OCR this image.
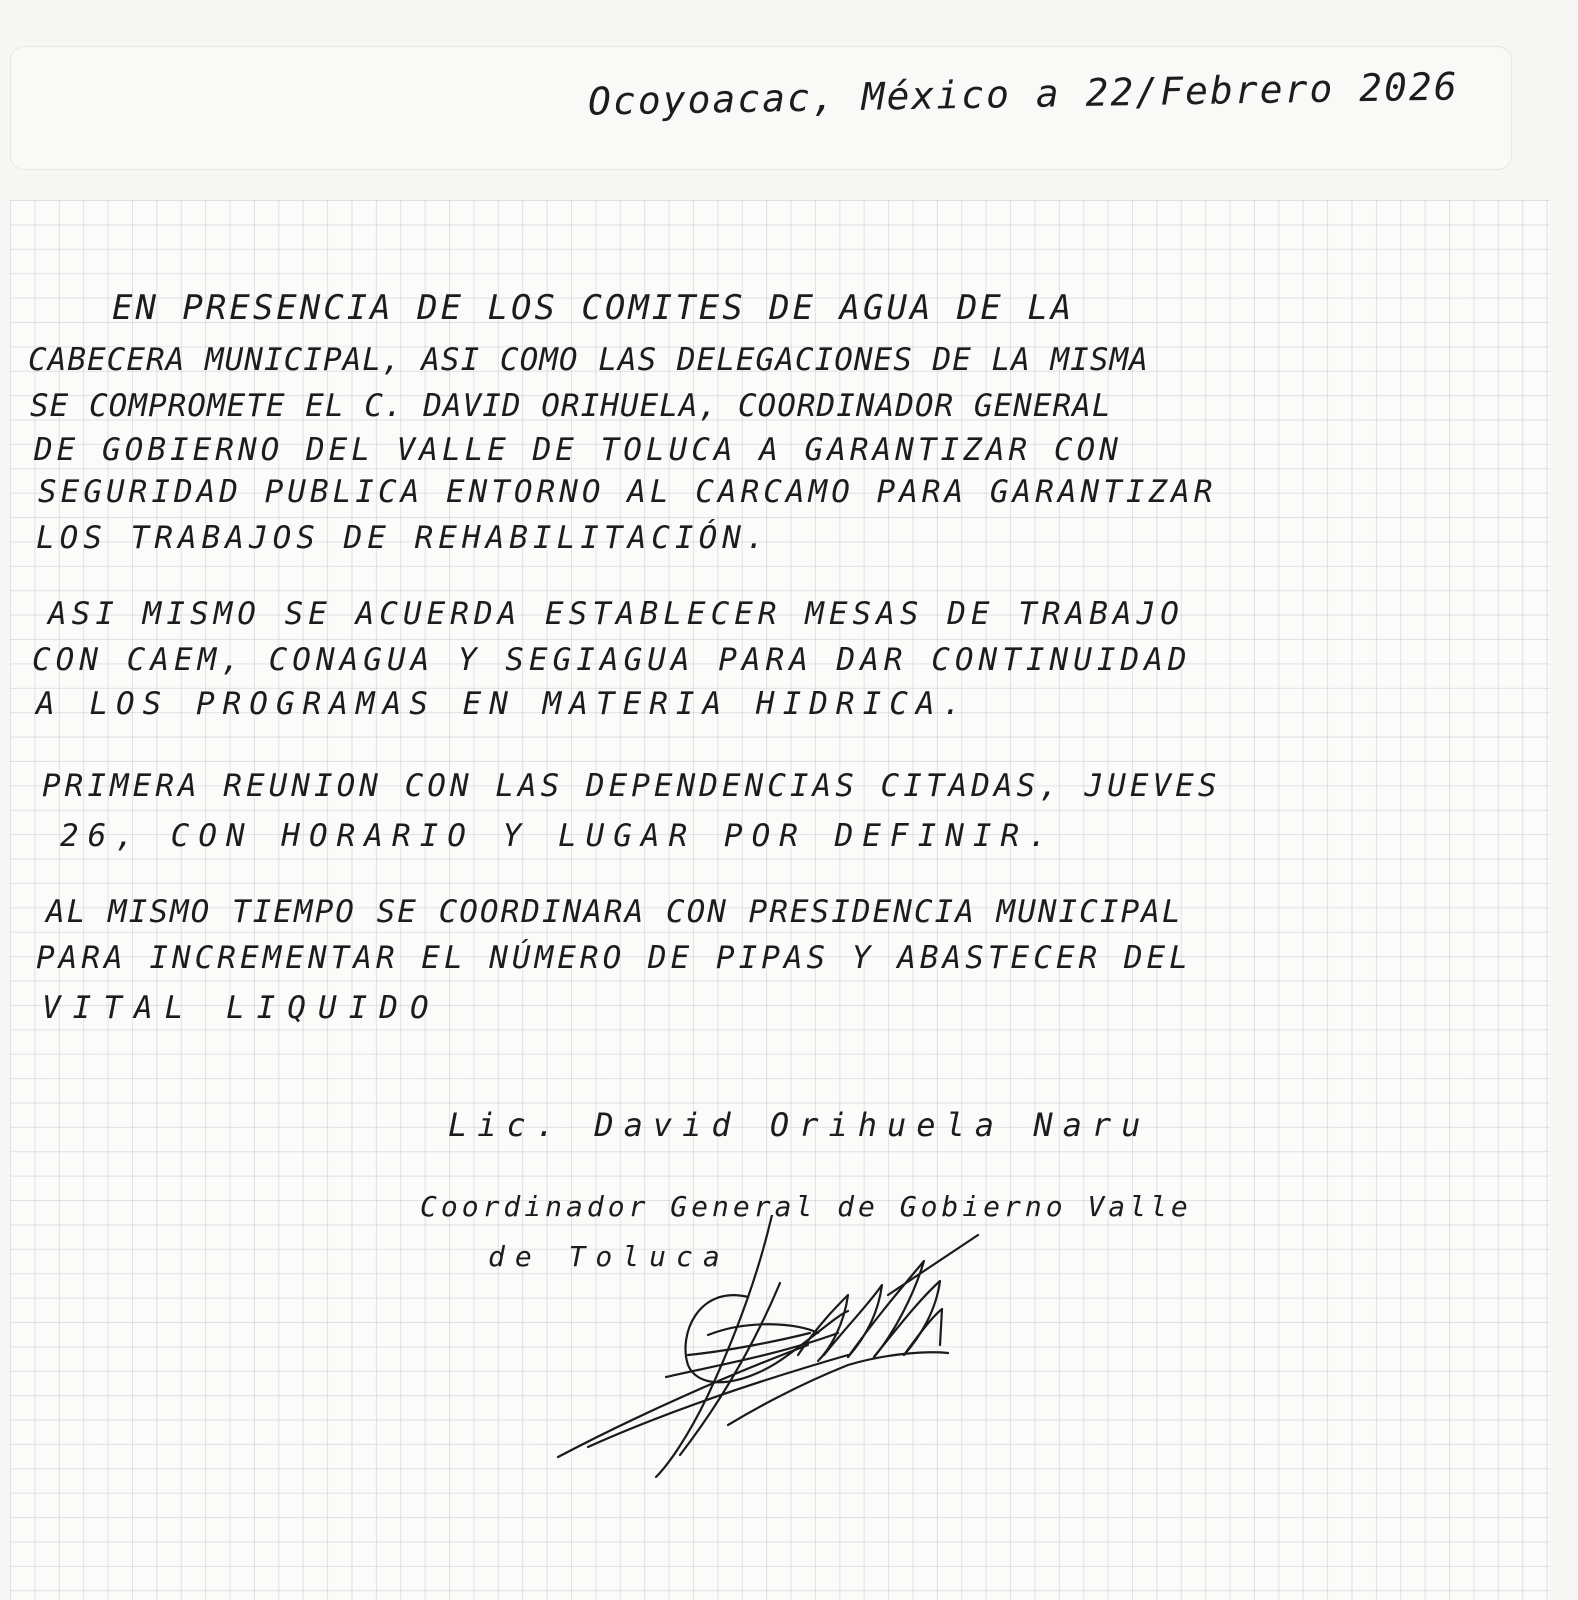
Ocoyoacac, México a 22/Febrero 2026
EN PRESENCIA DE LOS COMITES DE AGUA DE LA
CABECERA MUNICIPAL, ASI COMO LAS DELEGACIONES DE LA MISMA
SE COMPROMETE EL C. DAVID ORIHUELA, COORDINADOR GENERAL
DE GOBIERNO DEL VALLE DE TOLUCA A GARANTIZAR CON
SEGURIDAD PUBLICA ENTORNO AL CARCAMO PARA GARANTIZAR
LOS TRABAJOS DE REHABILITACIÓN.
ASI MISMO SE ACUERDA ESTABLECER MESAS DE TRABAJO
CON CAEM, CONAGUA Y SEGIAGUA PARA DAR CONTINUIDAD
A LOS PROGRAMAS EN MATERIA HIDRICA.
PRIMERA REUNION CON LAS DEPENDENCIAS CITADAS, JUEVES
26, CON HORARIO Y LUGAR POR DEFINIR.
AL MISMO TIEMPO SE COORDINARA CON PRESIDENCIA MUNICIPAL
PARA INCREMENTAR EL NÚMERO DE PIPAS Y ABASTECER DEL
VITAL LIQUIDO
Lic. David Orihuela Naru
Coordinador General de Gobierno Valle
de Toluca
